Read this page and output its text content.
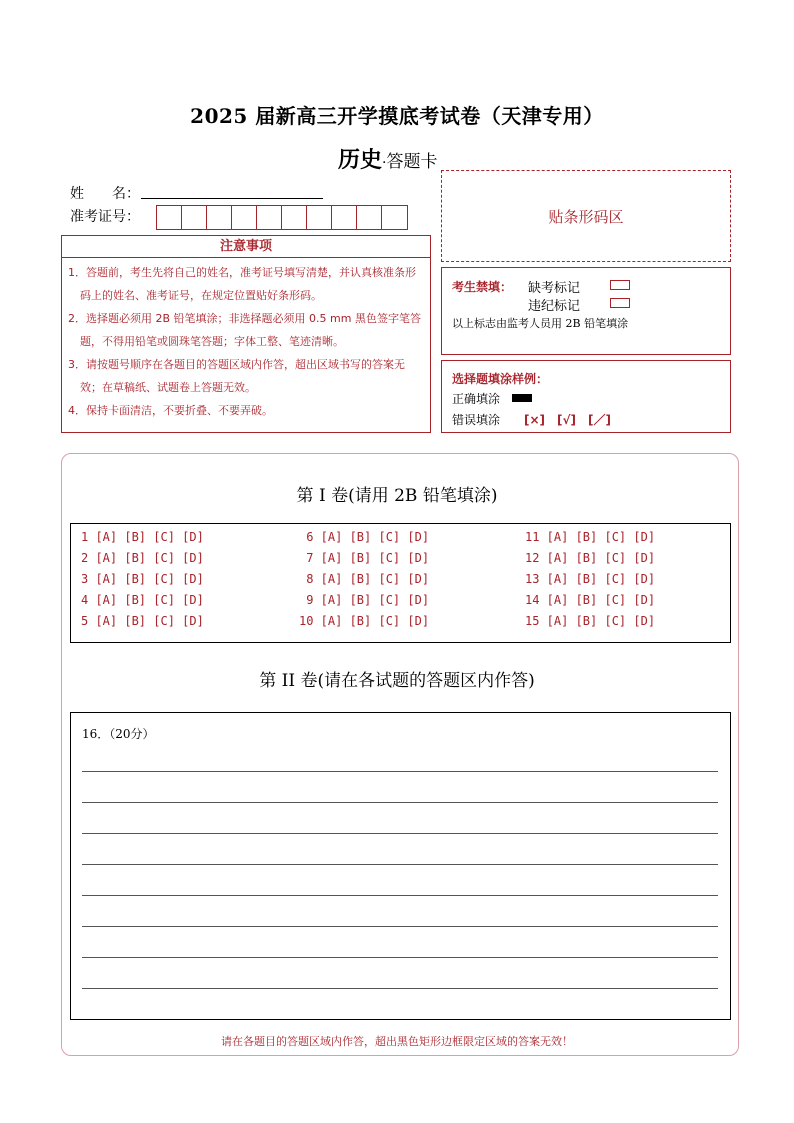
2025 届新高三开学摸底考试卷（天津专用）
历史·答题卡
姓　　名：
准考证号：	贴条形码区
注意事项

1．答题前，考生先将自己的姓名，准考证号填写清楚，并认真核准条形码上的姓名、准考证号，在规定位置贴好条形码。

2．选择题必须用 2B 铅笔填涂；非选择题必须用 0.5 mm 黑色签字笔答题，不得用铅笔或圆珠笔答题；字体工整、笔迹清晰。

3．请按题号顺序在各题目的答题区域内作答，超出区域书写的答案无效；在草稿纸、试题卷上答题无效。

4．保持卡面清洁，不要折叠、不要弄破。

考生禁填： 缺考标记
违纪标记
以上标志由监考人员用 2B 铅笔填涂
选择题填涂样例：
正确填涂
错误填涂 [×]　[√]　[／]
第 I 卷(请用 2B 铅笔填涂)
1 [A] [B] [C] [D]
2 [A] [B] [C] [D]
3 [A] [B] [C] [D]
4 [A] [B] [C] [D]
5 [A] [B] [C] [D]
6 [A] [B] [C] [D]
7 [A] [B] [C] [D]
8 [A] [B] [C] [D]
9 [A] [B] [C] [D]
10 [A] [B] [C] [D]
11 [A] [B] [C] [D]
12 [A] [B] [C] [D]
13 [A] [B] [C] [D]
14 [A] [B] [C] [D]
15 [A] [B] [C] [D]
第 II 卷(请在各试题的答题区内作答)
16．（20分）
请在各题目的答题区域内作答，超出黑色矩形边框限定区域的答案无效！
